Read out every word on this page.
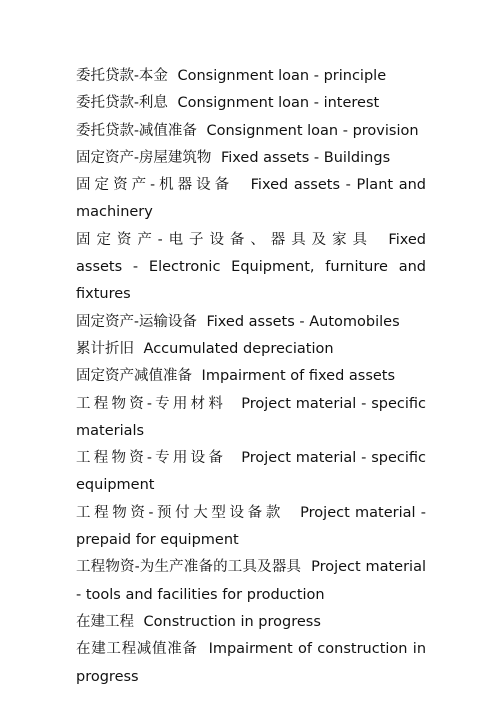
委托贷款-本金 Consignment loan - principle

委托贷款-利息 Consignment loan - interest

委托贷款-减值准备 Consignment loan - provision

固定资产-房屋建筑物 Fixed assets - Buildings

固定资产-机器设备 Fixed assets - Plant and machinery

固定资产-电子设备、器具及家具 Fixed assets - Electronic Equipment, furniture and fixtures

固定资产-运输设备 Fixed assets - Automobiles

累计折旧 Accumulated depreciation

固定资产减值准备 Impairment of fixed assets

工程物资-专用材料 Project material - specific materials

工程物资-专用设备 Project material - specific equipment

工程物资-预付大型设备款 Project material - prepaid for equipment

工程物资-为生产准备的工具及器具 Project material - tools and facilities for production

在建工程 Construction in progress

在建工程减值准备 Impairment of construction in progress
